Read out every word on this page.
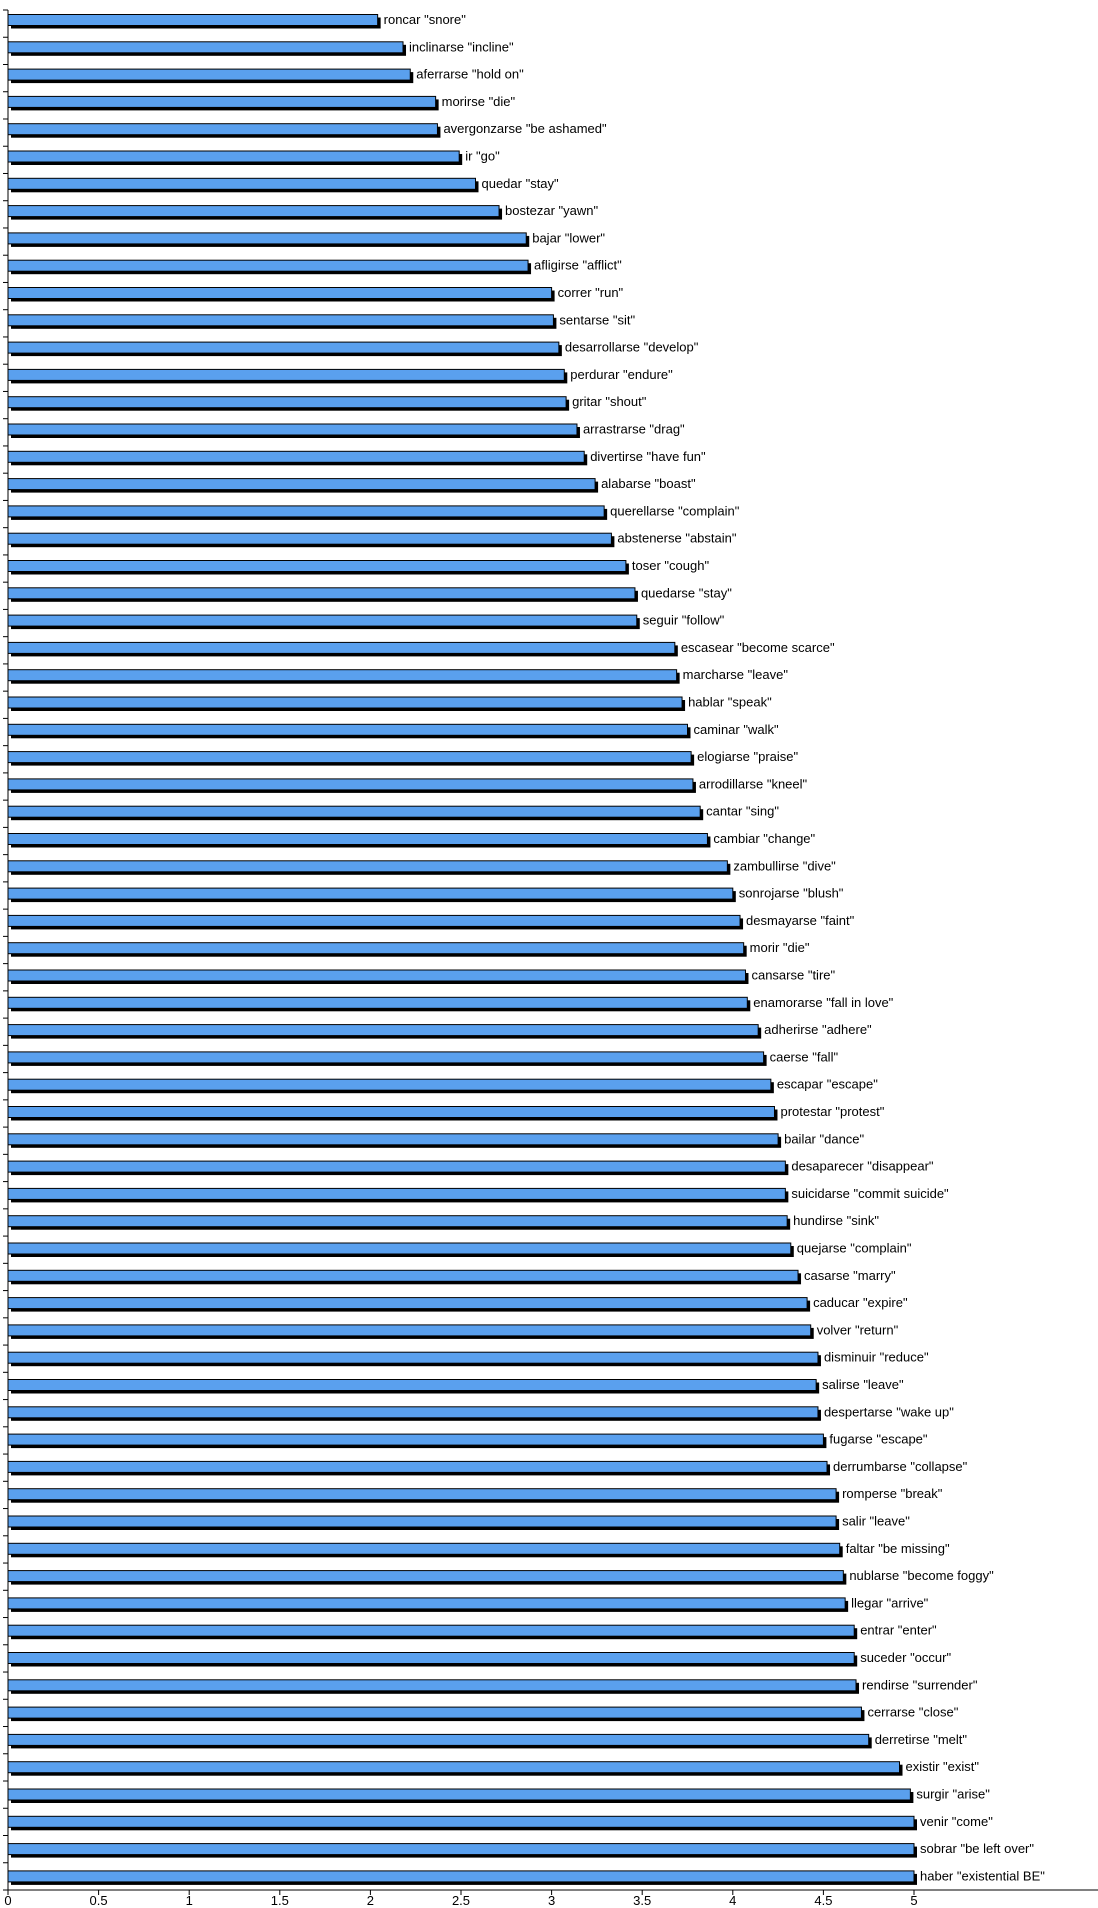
roncar "snore"
inclinarse "incline"
aferrarse "hold on"
morirse "die"
avergonzarse "be ashamed"
ir "go"
quedar "stay"
bostezar "yawn"
bajar "lower"
afligirse "afflict"
correr "run"
sentarse "sit"
desarrollarse "develop"
perdurar "endure"
gritar "shout"
arrastrarse "drag"
divertirse "have fun"
alabarse "boast"
querellarse "complain"
abstenerse "abstain"
toser "cough"
quedarse "stay"
seguir "follow"
escasear "become scarce"
marcharse "leave"
hablar "speak"
caminar "walk"
elogiarse "praise"
arrodillarse "kneel"
cantar "sing"
cambiar "change"
zambullirse "dive"
sonrojarse "blush"
desmayarse "faint"
morir "die"
cansarse "tire"
enamorarse "fall in love"
adherirse "adhere"
caerse "fall"
escapar "escape"
protestar "protest"
bailar "dance"
desaparecer "disappear"
suicidarse "commit suicide"
hundirse "sink"
quejarse "complain"
casarse "marry"
caducar "expire"
volver "return"
disminuir "reduce"
salirse "leave"
despertarse "wake up"
fugarse "escape"
derrumbarse "collapse"
romperse "break"
salir "leave"
faltar "be missing"
nublarse "become foggy"
llegar "arrive"
entrar "enter"
suceder "occur"
rendirse "surrender"
cerrarse "close"
derretirse "melt"
existir "exist"
surgir "arise"
venir "come"
sobrar "be left over"
haber "existential BE"
0	0.5	1	1.5	2	2.5	3	3.5	4	4.5	5
